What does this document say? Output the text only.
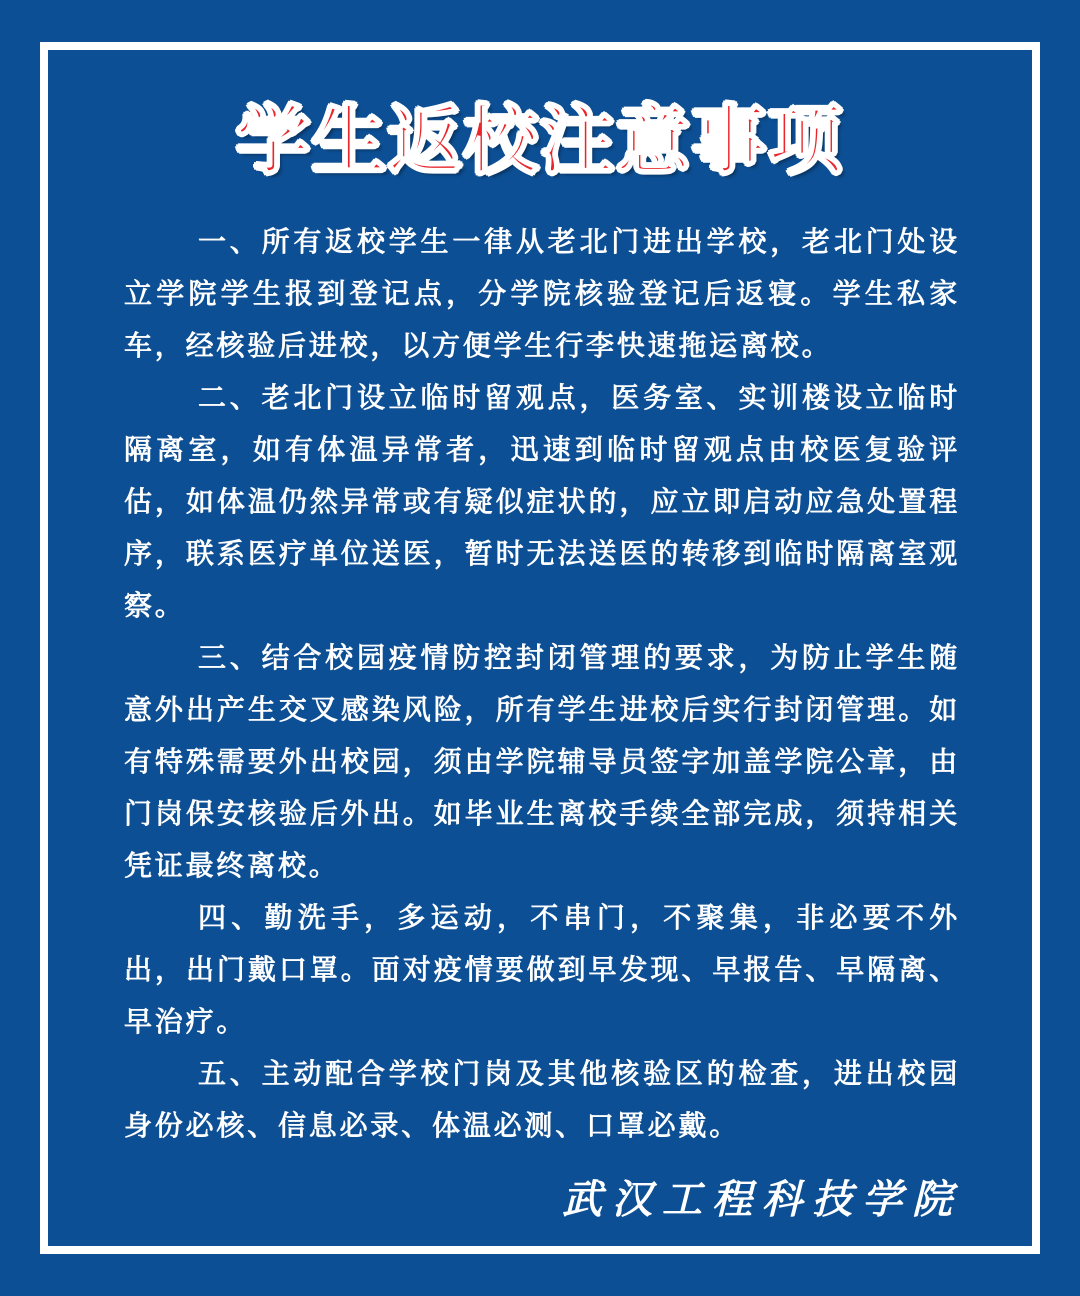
学生返校注意事项

一、所有返校学生一律从老北门进出学校，老北门处设立学院学生报到登记点，分学院核验登记后返寝。学生私家车，经核验后进校，以方便学生行李快速拖运离校。

二、老北门设立临时留观点，医务室、实训楼设立临时隔离室，如有体温异常者，迅速到临时留观点由校医复验评估，如体温仍然异常或有疑似症状的，应立即启动应急处置程序，联系医疗单位送医，暂时无法送医的转移到临时隔离室观察。

三、结合校园疫情防控封闭管理的要求，为防止学生随意外出产生交叉感染风险，所有学生进校后实行封闭管理。如有特殊需要外出校园，须由学院辅导员签字加盖学院公章，由门岗保安核验后外出。如毕业生离校手续全部完成，须持相关凭证最终离校。

四、勤洗手，多运动，不串门，不聚集，非必要不外出，出门戴口罩。面对疫情要做到早发现、早报告、早隔离、早治疗。

五、主动配合学校门岗及其他核验区的检查，进出校园身份必核、信息必录、体温必测、口罩必戴。

武汉工程科技学院
